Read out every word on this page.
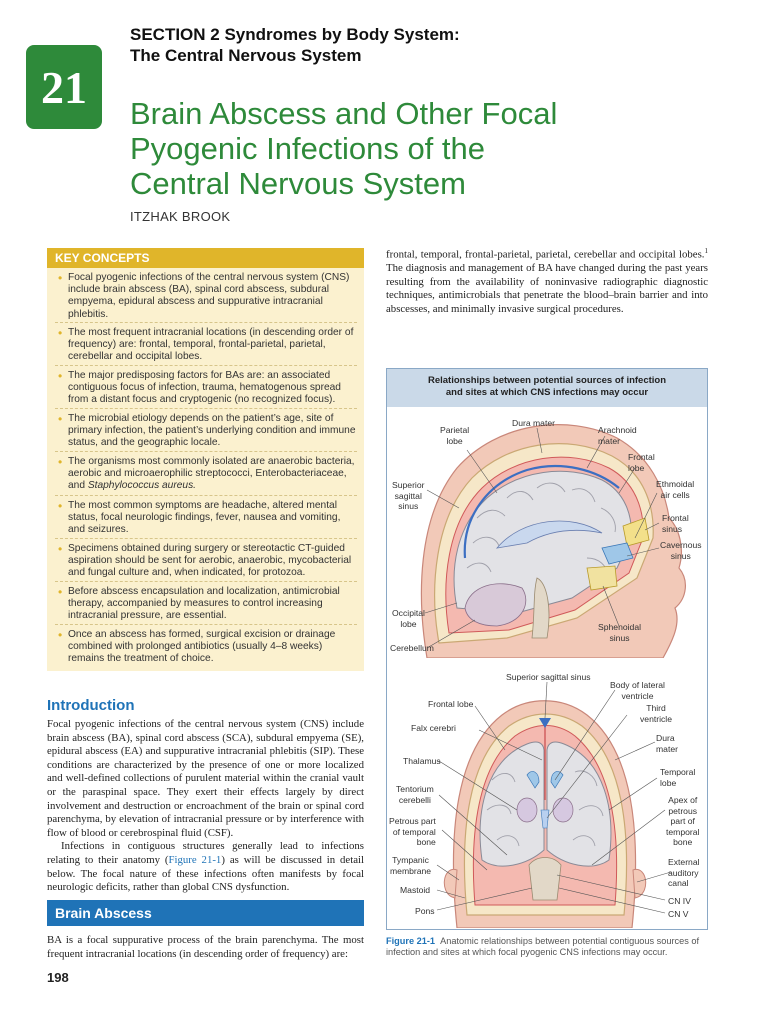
21
SECTION 2 Syndromes by Body System:
The Central Nervous System
Brain Abscess and Other Focal
Pyogenic Infections of the
Central Nervous System
ITZHAK BROOK
KEY CONCEPTS
• Focal pyogenic infections of the central nervous system (CNS) include brain abscess (BA), spinal cord abscess, subdural empyema, epidural abscess and suppurative intracranial phlebitis.
• The most frequent intracranial locations (in descending order of frequency) are: frontal, temporal, frontal-parietal, parietal, cerebellar and occipital lobes.
• The major predisposing factors for BAs are: an associated contiguous focus of infection, trauma, hematogenous spread from a distant focus and cryptogenic (no recognized focus).
• The microbial etiology depends on the patient’s age, site of primary infection, the patient’s underlying condition and immune status, and the geographic locale.
• The organisms most commonly isolated are anaerobic bacteria, aerobic and microaerophilic streptococci, Enterobacteriaceae, and Staphylococcus aureus.
• The most common symptoms are headache, altered mental status, focal neurologic findings, fever, nausea and vomiting, and seizures.
• Specimens obtained during surgery or stereotactic CT-guided aspiration should be sent for aerobic, anaerobic, mycobacterial and fungal culture and, when indicated, for protozoa.
• Before abscess encapsulation and localization, antimicrobial therapy, accompanied by measures to control increasing intracranial pressure, are essential.
• Once an abscess has formed, surgical excision or drainage combined with prolonged antibiotics (usually 4–8 weeks) remains the treatment of choice.
Introduction
Focal pyogenic infections of the central nervous system (CNS) include brain abscess (BA), spinal cord abscess (SCA), subdural empyema (SE), epidural abscess (EA) and suppurative intracranial phlebitis (SIP). These conditions are characterized by the presence of one or more localized and well-defined collections of purulent material within the cranial vault or the paraspinal space. They exert their effects largely by direct involvement and destruction or encroachment of the brain or spinal cord parenchyma, by elevation of intracranial pressure or by interference with flow of blood or cerebrospinal fluid (CSF).
Infections in contiguous structures generally lead to infections relating to their anatomy (Figure 21-1) as will be discussed in detail below. The focal nature of these infections often manifests by focal neurologic deficits, rather than global CNS dysfunction.
Brain Abscess
BA is a focal suppurative process of the brain parenchyma. The most frequent intracranial locations (in descending order of frequency) are:
198
frontal, temporal, frontal-parietal, parietal, cerebellar and occipital lobes.$^1$ The diagnosis and management of BA have changed during the past years resulting from the availability of noninvasive radiographic diagnostic techniques, antimicrobials that penetrate the blood–brain barrier and into abscesses, and minimally invasive surgical procedures.
Relationships between potential sources of infection
and sites at which CNS infections may occur
Dura mater
Parietal
lobe
Arachnoid
mater
Frontal
lobe
Superior
sagittal
sinus
Ethmoidal
air cells
Frontal
sinus
Cavernous
sinus
Occipital
lobe	Sphenoidal
sinus
Cerebellum
Superior sagittal sinus
Body of lateral
ventricle
Frontal lobe	Third
ventricle
Falx cerebri
Dura
mater
Thalamus
Temporal
lobe
Tentorium
cerebelli	Apex of
petrous
part of
temporal
bone
Petrous part
of temporal
bone
Tympanic
membrane
External
auditory
canal
Mastoid
CN IV
Pons	CN V
Figure 21-1 Anatomic relationships between potential contiguous sources of infection and sites at which focal pyogenic CNS infections may occur.
